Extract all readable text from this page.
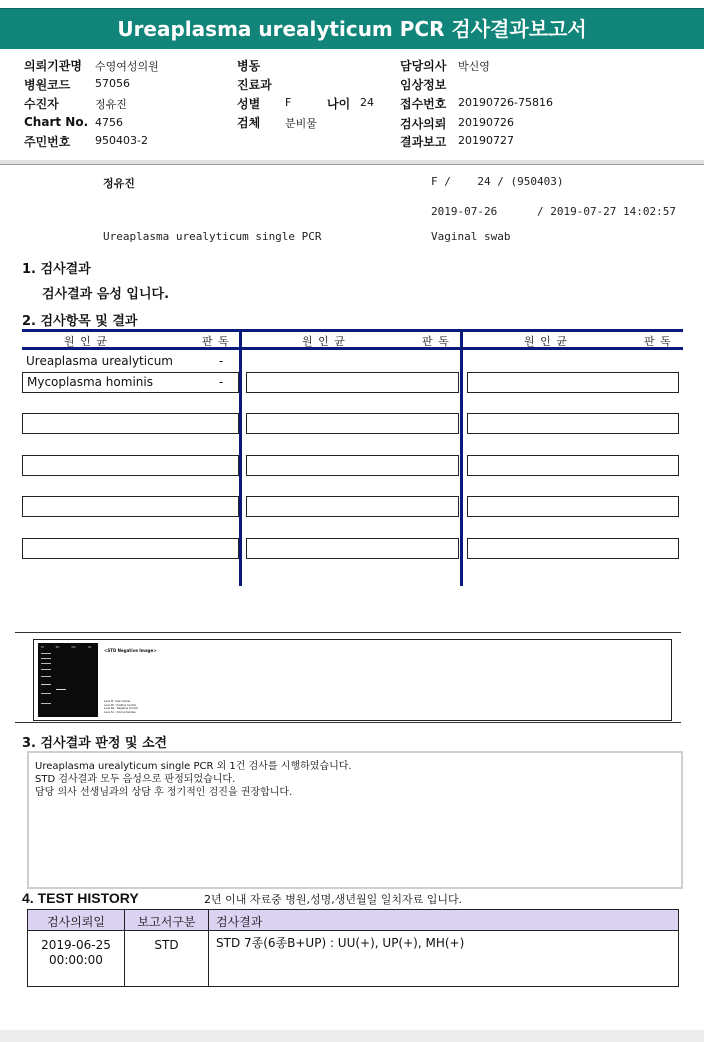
Ureaplasma urealyticum PCR 검사결과보고서
의뢰기관명 수영여성의원
병원코드 57056
수진자	정유진
Chart No. 4756
주민번호 950403-2
병동
진료과
성별 F	나이 24
검체 분비물
담당의사 박신영
임상정보
접수번호 20190726-75816
검사의뢰 20190726
결과보고 20190727
정유진	F /    24 / (950403)
2019-07-26      / 2019-07-27 14:02:57
Ureaplasma urealyticum single PCR	Vaginal swab
1. 검사결과
검사결과 음성 입니다.
2. 검사항목 및 결과
원 인 균	판 독	원 인 균	판 독	원 인 균	판 독
Ureaplasma urealyticum	-
Mycoplasma hominis	-
M	PC	NC	S1
<STD Negative Image>
Lane M : Size marker
Lane PC : Positive Control
Lane NC : Negative Control
Lane S1 : Clinical Sample
3. 검사결과 판정 및 소견
Ureaplasma urealyticum single PCR 외 1건 검사를 시행하였습니다.
STD 검사결과 모두 음성으로 판정되었습니다.
담당 의사 선생님과의 상담 후 정기적인 검진을 권장합니다.
4. TEST HISTORY	2년 이내 자료중 병원,성명,생년월일 일치자료 입니다.
검사의뢰일	보고서구분	검사결과
2019-06-25
00:00:00
STD	STD 7종(6종B+UP) : UU(+), UP(+), MH(+)
